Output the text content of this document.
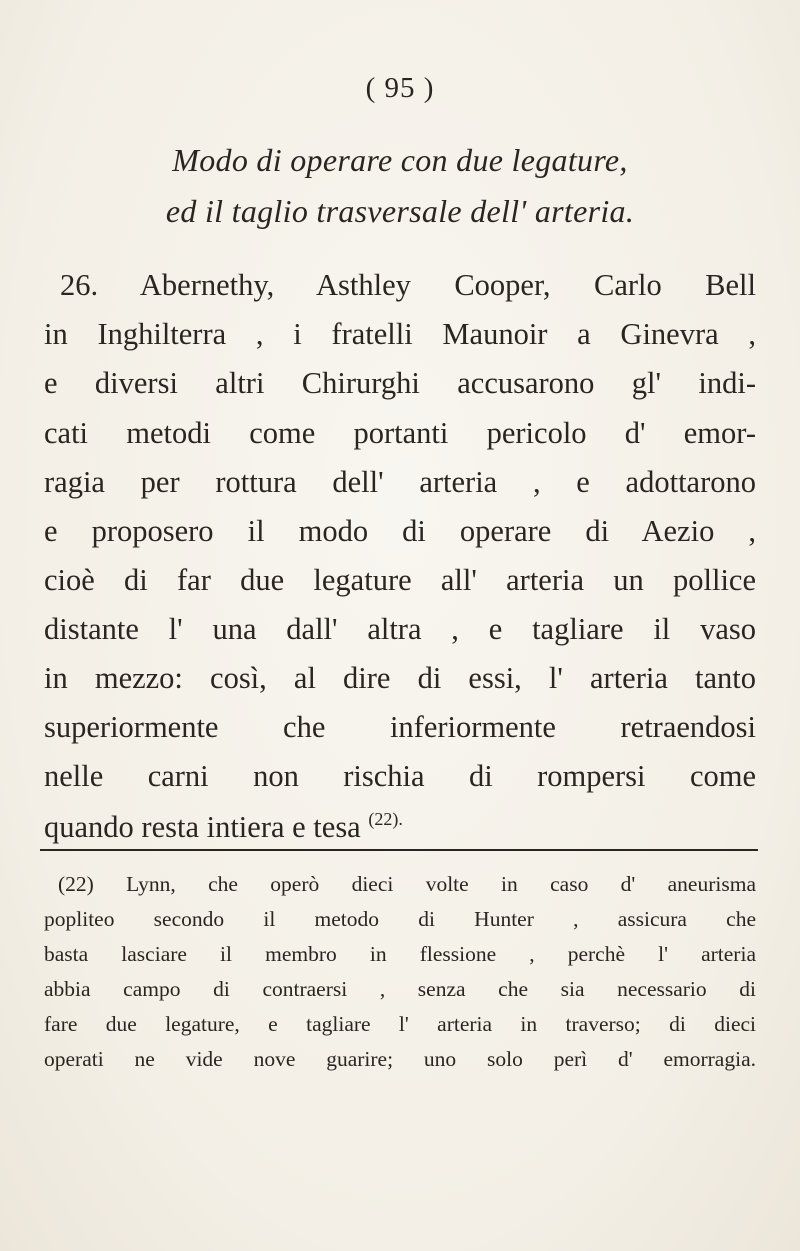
( 95 )
Modo di operare con due legature,
ed il taglio trasversale dell' arteria.
26. Abernethy, Asthley Cooper, Carlo Bell
in Inghilterra , i fratelli Maunoir a Ginevra ,
e diversi altri Chirurghi accusarono gl' indi-
cati metodi come portanti pericolo d' emor-
ragia per rottura dell' arteria , e adottarono
e proposero il modo di operare di Aezio ,
cioè di far due legature all' arteria un pollice
distante l' una dall' altra , e tagliare il vaso
in mezzo: così, al dire di essi, l' arteria tanto
superiormente che inferiormente retraendosi
nelle carni non rischia di rompersi come
quando resta intiera e tesa $^{(22).}$
(22) Lynn, che operò dieci volte in caso d' aneurisma
popliteo secondo il metodo di Hunter , assicura che
basta lasciare il membro in flessione , perchè l' arteria
abbia campo di contraersi , senza che sia necessario di
fare due legature, e tagliare l' arteria in traverso; di dieci
operati ne vide nove guarire; uno solo perì d' emorragia.
